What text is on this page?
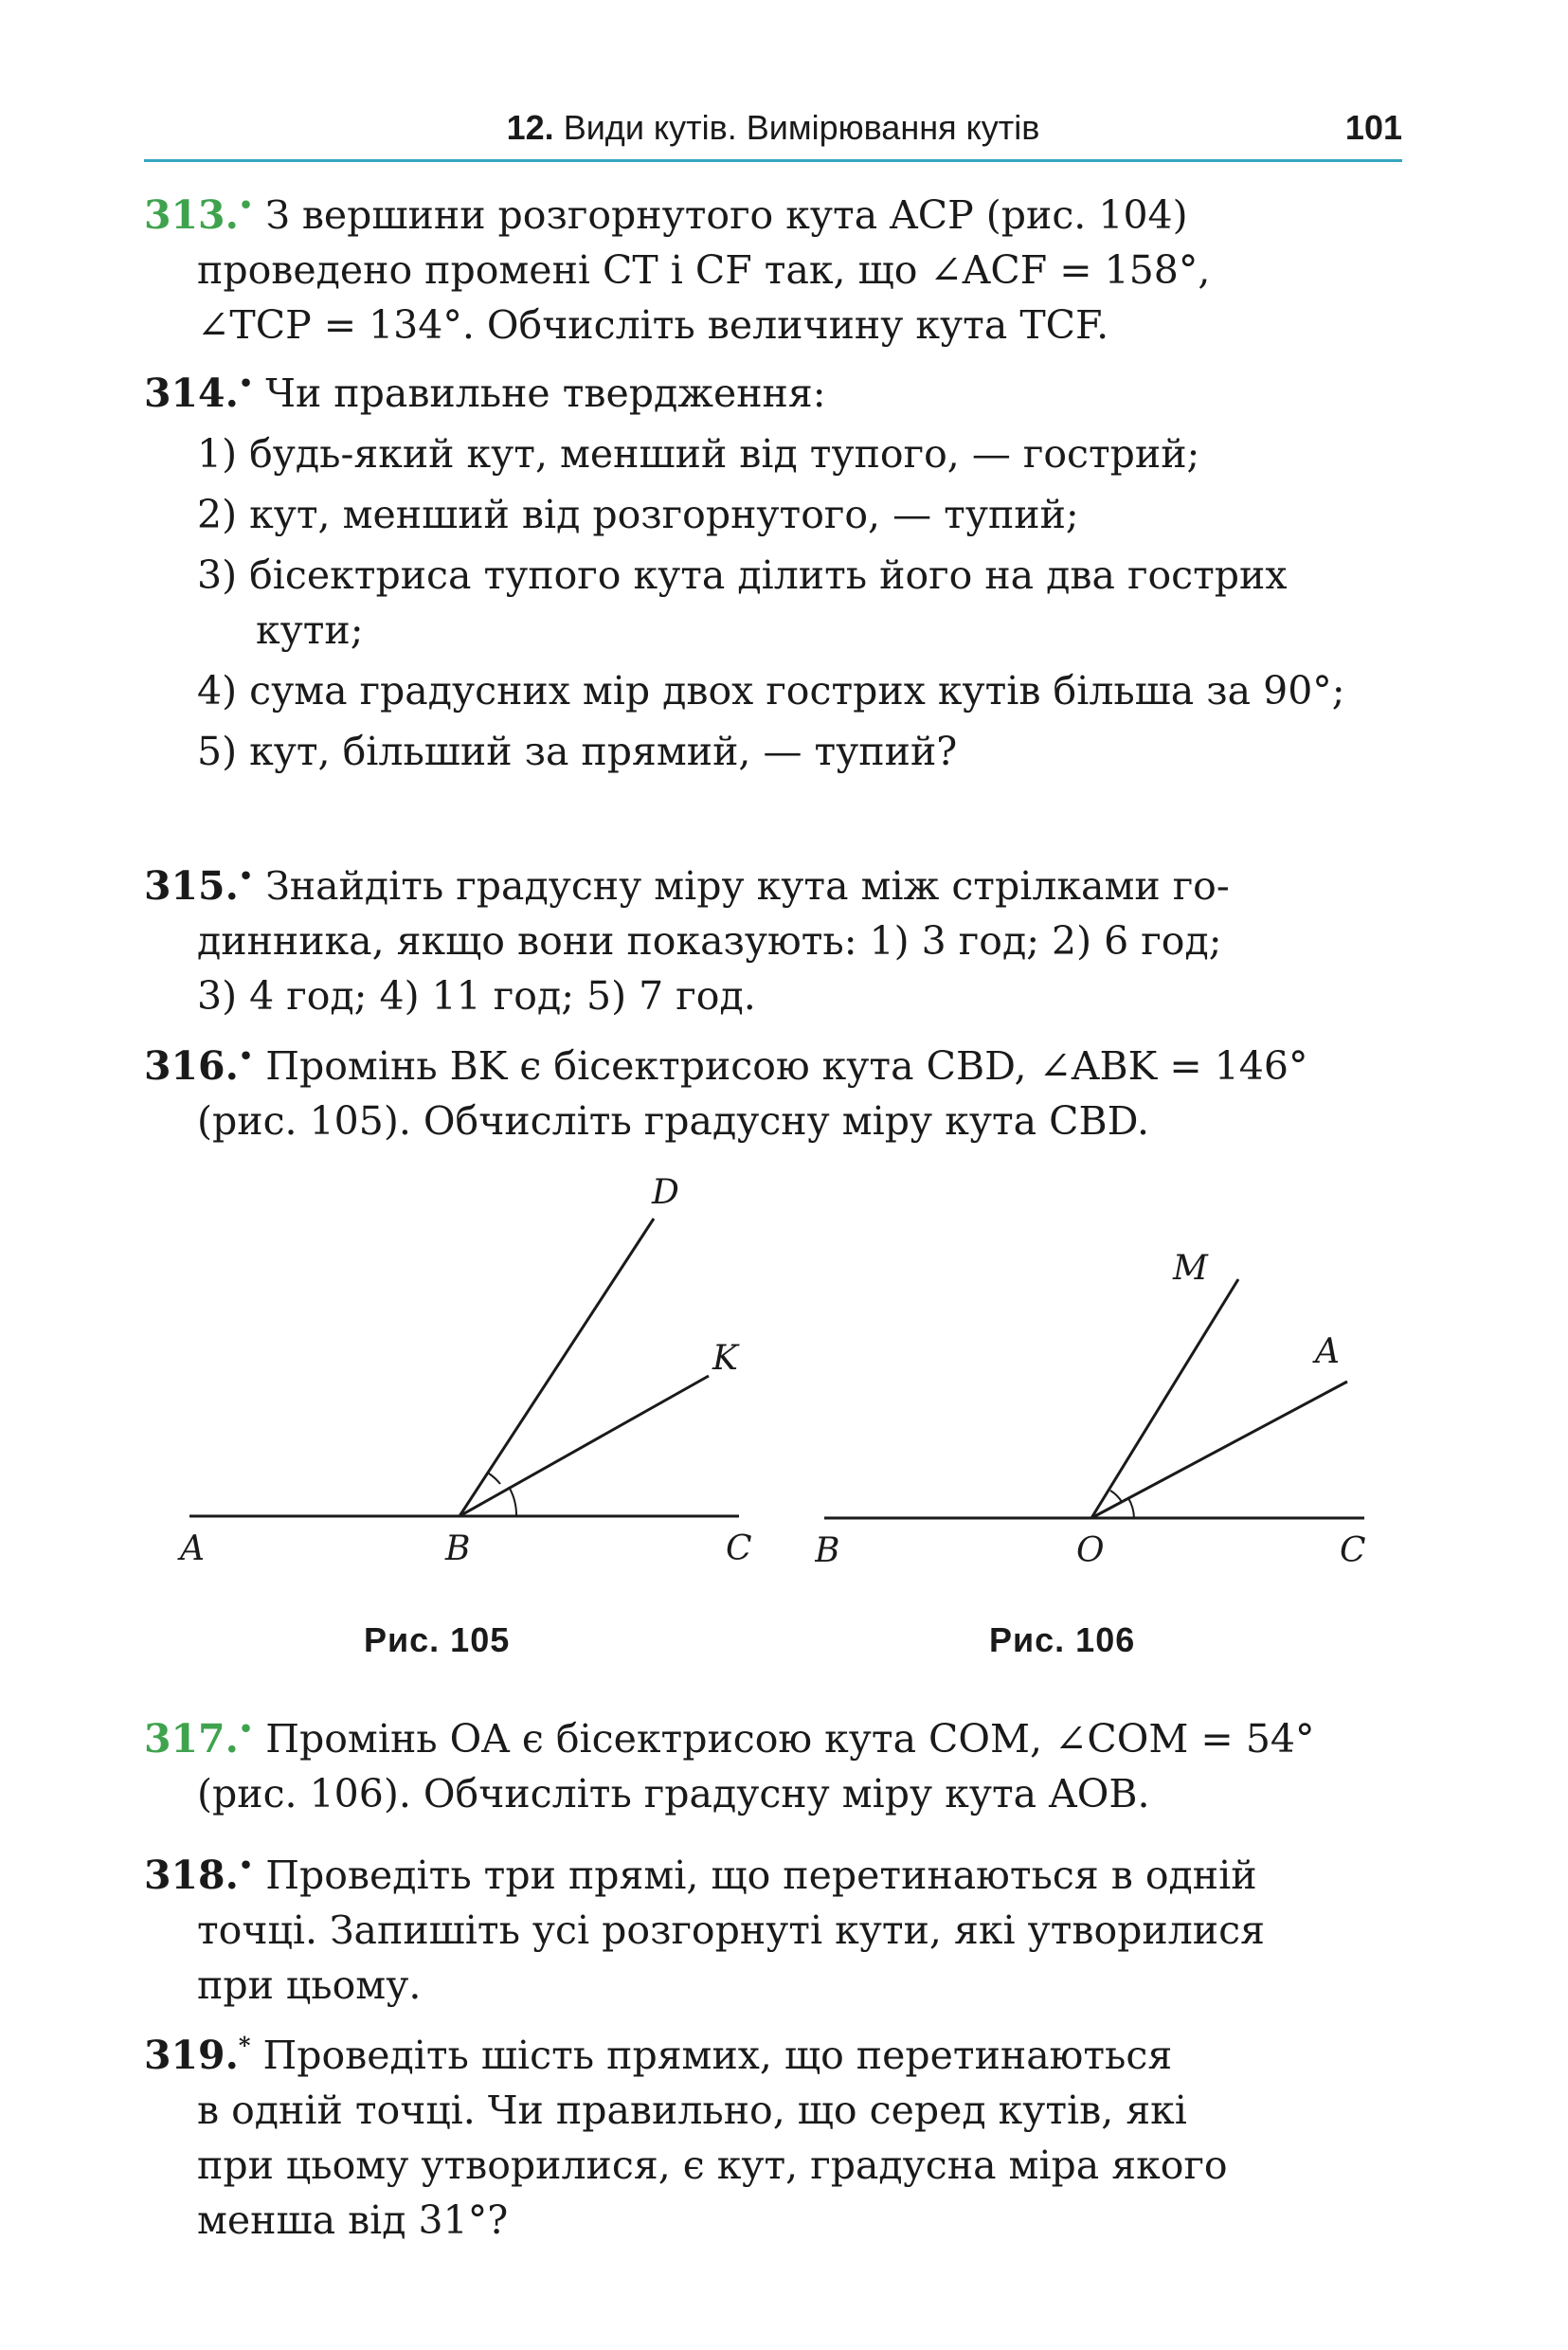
12. Види кутів. Вимірювання кутів	101
313.• З вершини розгорнутого кута ACP (рис. 104)
проведено промені CT і CF так, що ∠ACF = 158°,
∠TCP = 134°. Обчисліть величину кута TCF.
314.• Чи правильне твердження:
1) будь-який кут, менший від тупого, — гострий;
2) кут, менший від розгорнутого, — тупий;
3) бісектриса тупого кута ділить його на два гострих кути;
4) сума градусних мір двох гострих кутів більша за 90°;
5) кут, більший за прямий, — тупий?
315.• Знайдіть градусну міру кута між стрілками го-
динника, якщо вони показують: 1) 3 год; 2) 6 год;
3) 4 год; 4) 11 год; 5) 7 год.
316.• Промінь BK є бісектрисою кута CBD, ∠ABK = 146°
(рис. 105). Обчисліть градусну міру кута CBD.
A	B	C
D
K
Рис. 105
B	O	C
M
A
Рис. 106
317.• Промінь OA є бісектрисою кута COM, ∠COM = 54°
(рис. 106). Обчисліть градусну міру кута AOB.
318.• Проведіть три прямі, що перетинаються в одній
точці. Запишіть усі розгорнуті кути, які утворилися
при цьому.
319.* Проведіть шість прямих, що перетинаються
в одній точці. Чи правильно, що серед кутів, які
при цьому утворилися, є кут, градусна міра якого
менша від 31°?
